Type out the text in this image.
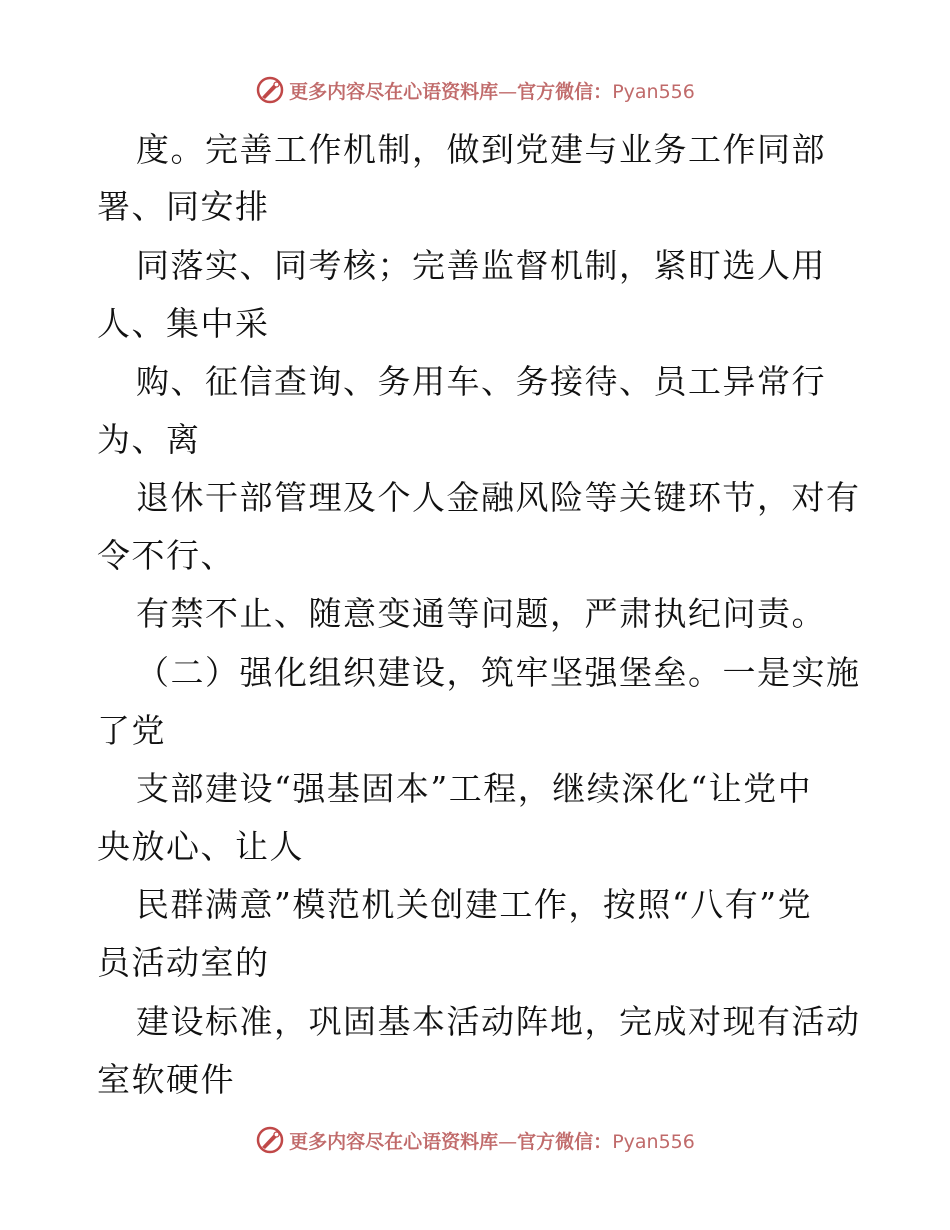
更多内容尽在心语资料库—官方微信：Pyan556
度。完善工作机制，做到党建与业务工作同部
署、同安排
同落实、同考核；完善监督机制，紧盯选人用
人、集中采
购、征信查询、务用车、务接待、员工异常行
为、离
退休干部管理及个人金融风险等关键环节，对有
令不行、
有禁不止、随意变通等问题，严肃执纪问责。
（二）强化组织建设，筑牢坚强堡垒。一是实施
了党
支部建设“强基固本”工程，继续深化“让党中
央放心、让人
民群满意”模范机关创建工作，按照“八有”党
员活动室的
建设标准，巩固基本活动阵地，完成对现有活动
室软硬件
更多内容尽在心语资料库—官方微信：Pyan556
